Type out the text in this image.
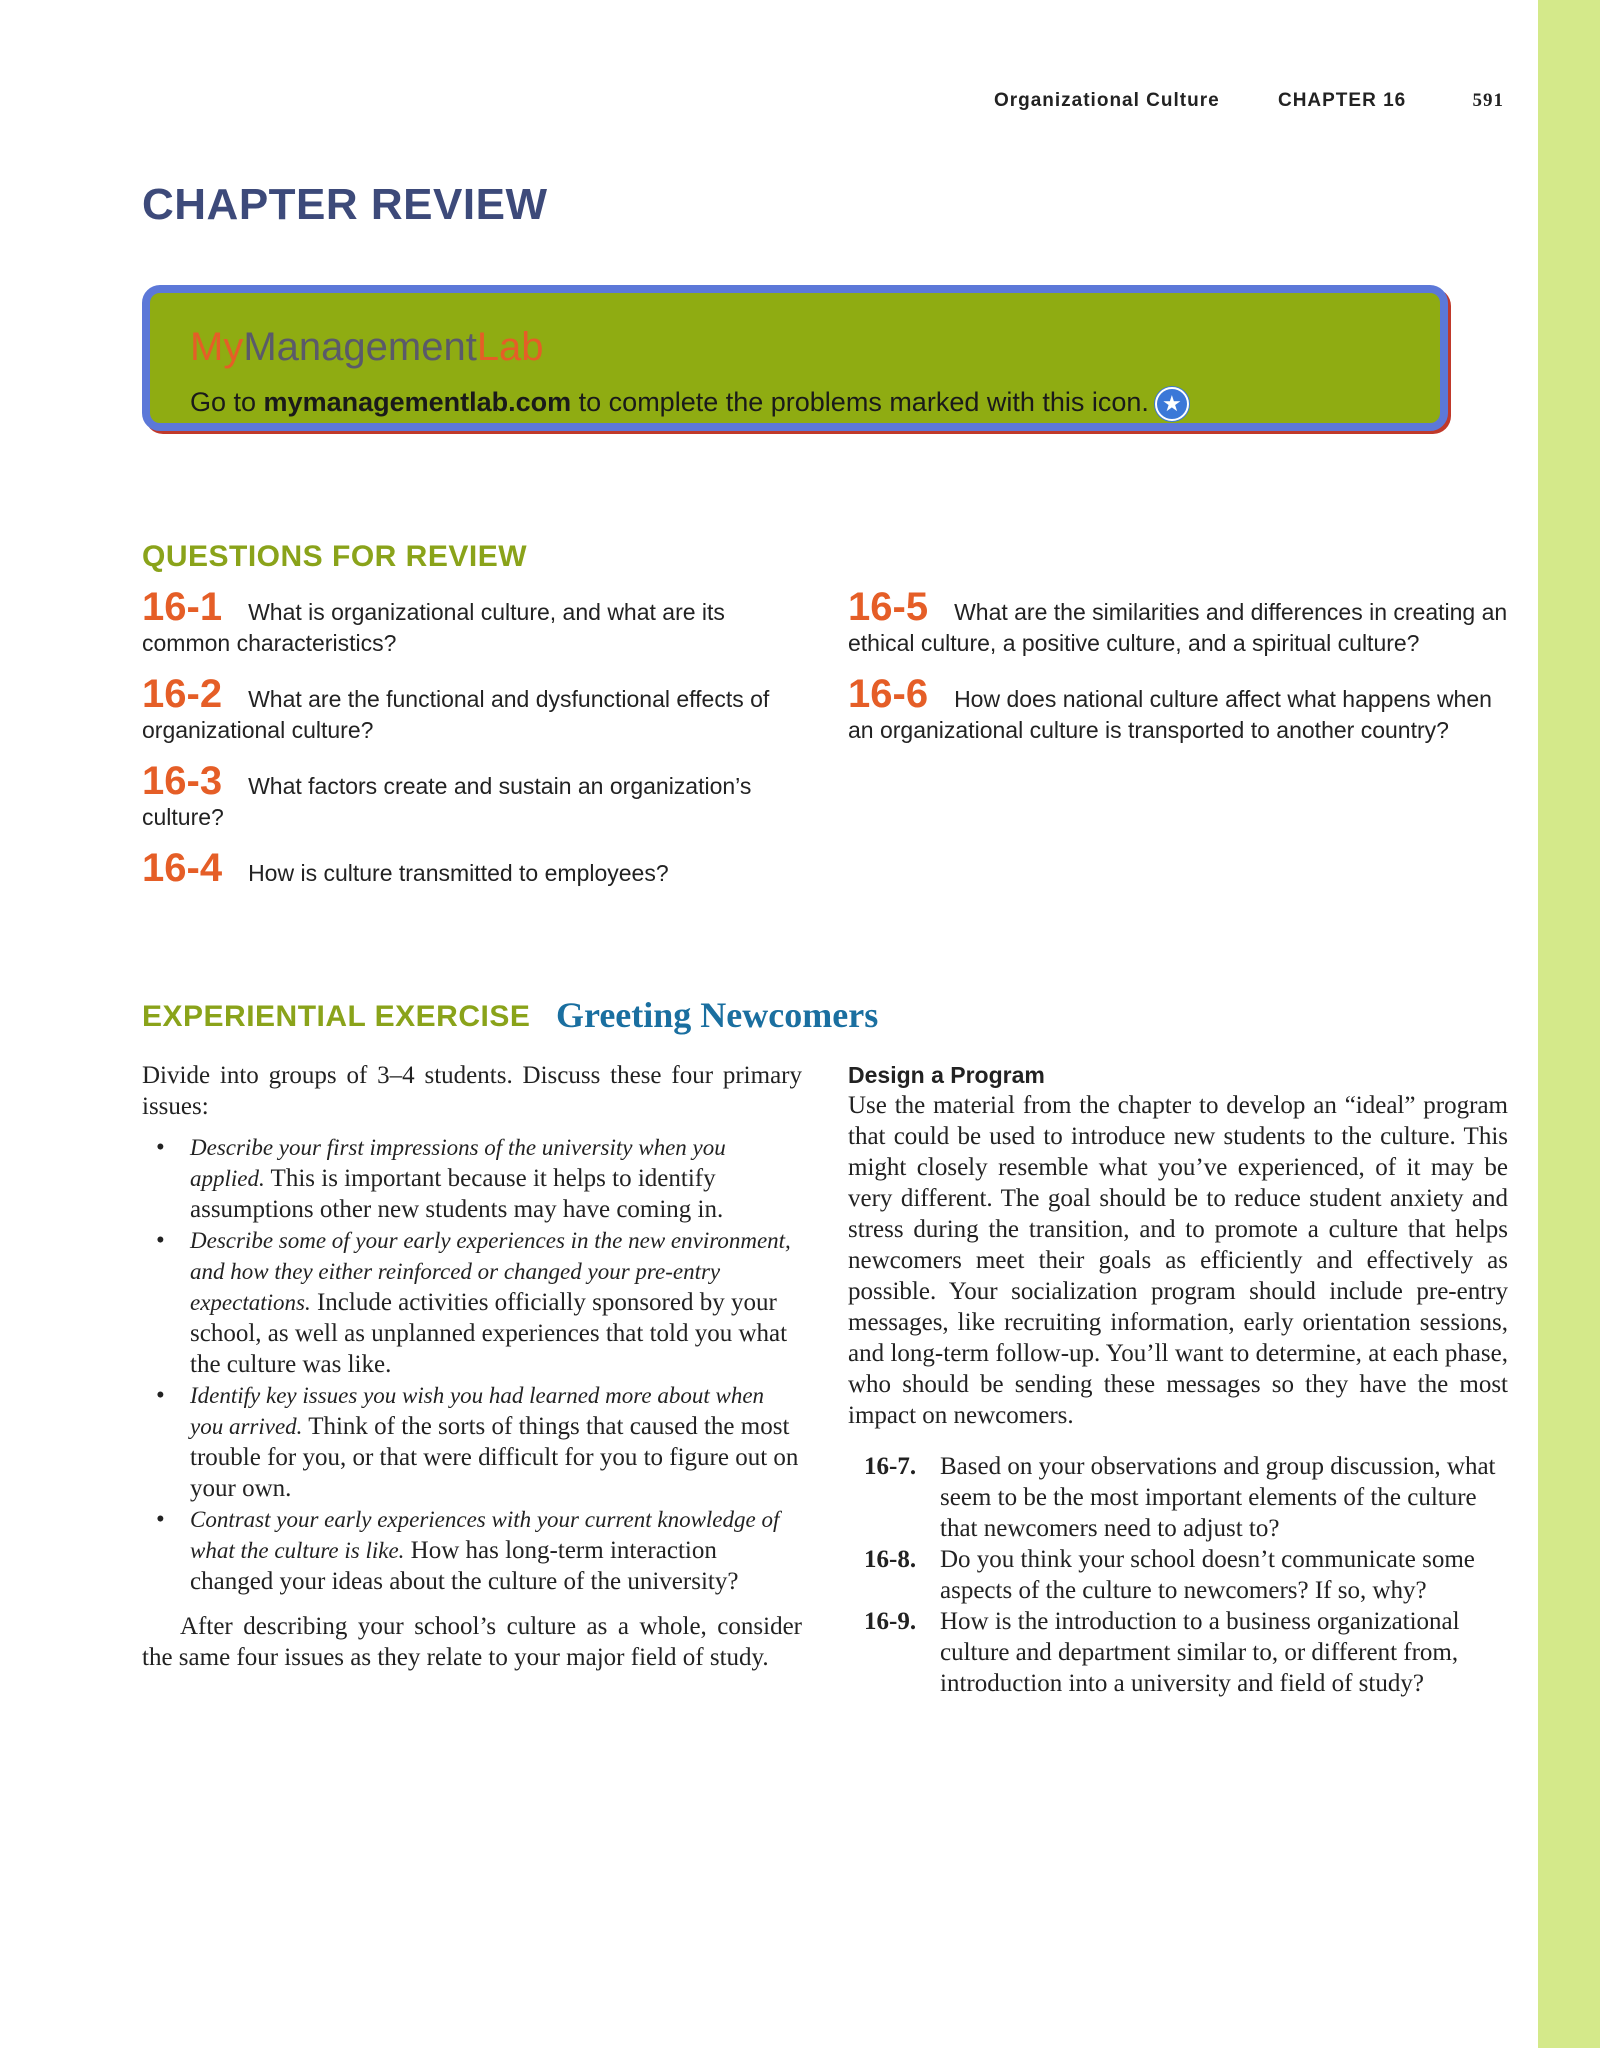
Organizational Culture	CHAPTER 16	591
CHAPTER REVIEW
MyManagementLab
Go to mymanagementlab.com to complete the problems marked with this icon. ★
QUESTIONS FOR REVIEW
16-1 What is organizational culture, and what are its common characteristics?
16-2 What are the functional and dysfunctional effects of organizational culture?
16-3 What factors create and sustain an organization’s culture?
16-4 How is culture transmitted to employees?
16-5 What are the similarities and differences in creating an ethical culture, a positive culture, and a spiritual culture?
16-6 How does national culture affect what happens when an organizational culture is transported to another country?
EXPERIENTIAL EXERCISE Greeting Newcomers

Divide into groups of 3–4 students. Discuss these four primary issues:

• Describe your first impressions of the university when you applied. This is important because it helps to identify assumptions other new students may have coming in.
• Describe some of your early experiences in the new environment, and how they either reinforced or changed your pre-entry expectations. Include activities officially sponsored by your school, as well as unplanned experiences that told you what the culture was like.
• Identify key issues you wish you had learned more about when you arrived. Think of the sorts of things that caused the most trouble for you, or that were difficult for you to figure out on your own.
• Contrast your early experiences with your current knowledge of what the culture is like. How has long-term interaction changed your ideas about the culture of the university?

After describing your school’s culture as a whole, consider the same four issues as they relate to your major field of study.

Design a Program

Use the material from the chapter to develop an “ideal” program that could be used to introduce new students to the culture. This might closely resemble what you’ve experienced, of it may be very different. The goal should be to reduce student anxiety and stress during the transition, and to promote a culture that helps newcomers meet their goals as efficiently and effectively as possible. Your socialization program should include pre-entry messages, like recruiting information, early orientation sessions, and long-term follow-up. You’ll want to determine, at each phase, who should be sending these messages so they have the most impact on newcomers.

16-7. Based on your observations and group discussion, what seem to be the most important elements of the culture that newcomers need to adjust to?
16-8. Do you think your school doesn’t communicate some aspects of the culture to newcomers? If so, why?
16-9. How is the introduction to a business organizational culture and department similar to, or different from, introduction into a university and field of study?
